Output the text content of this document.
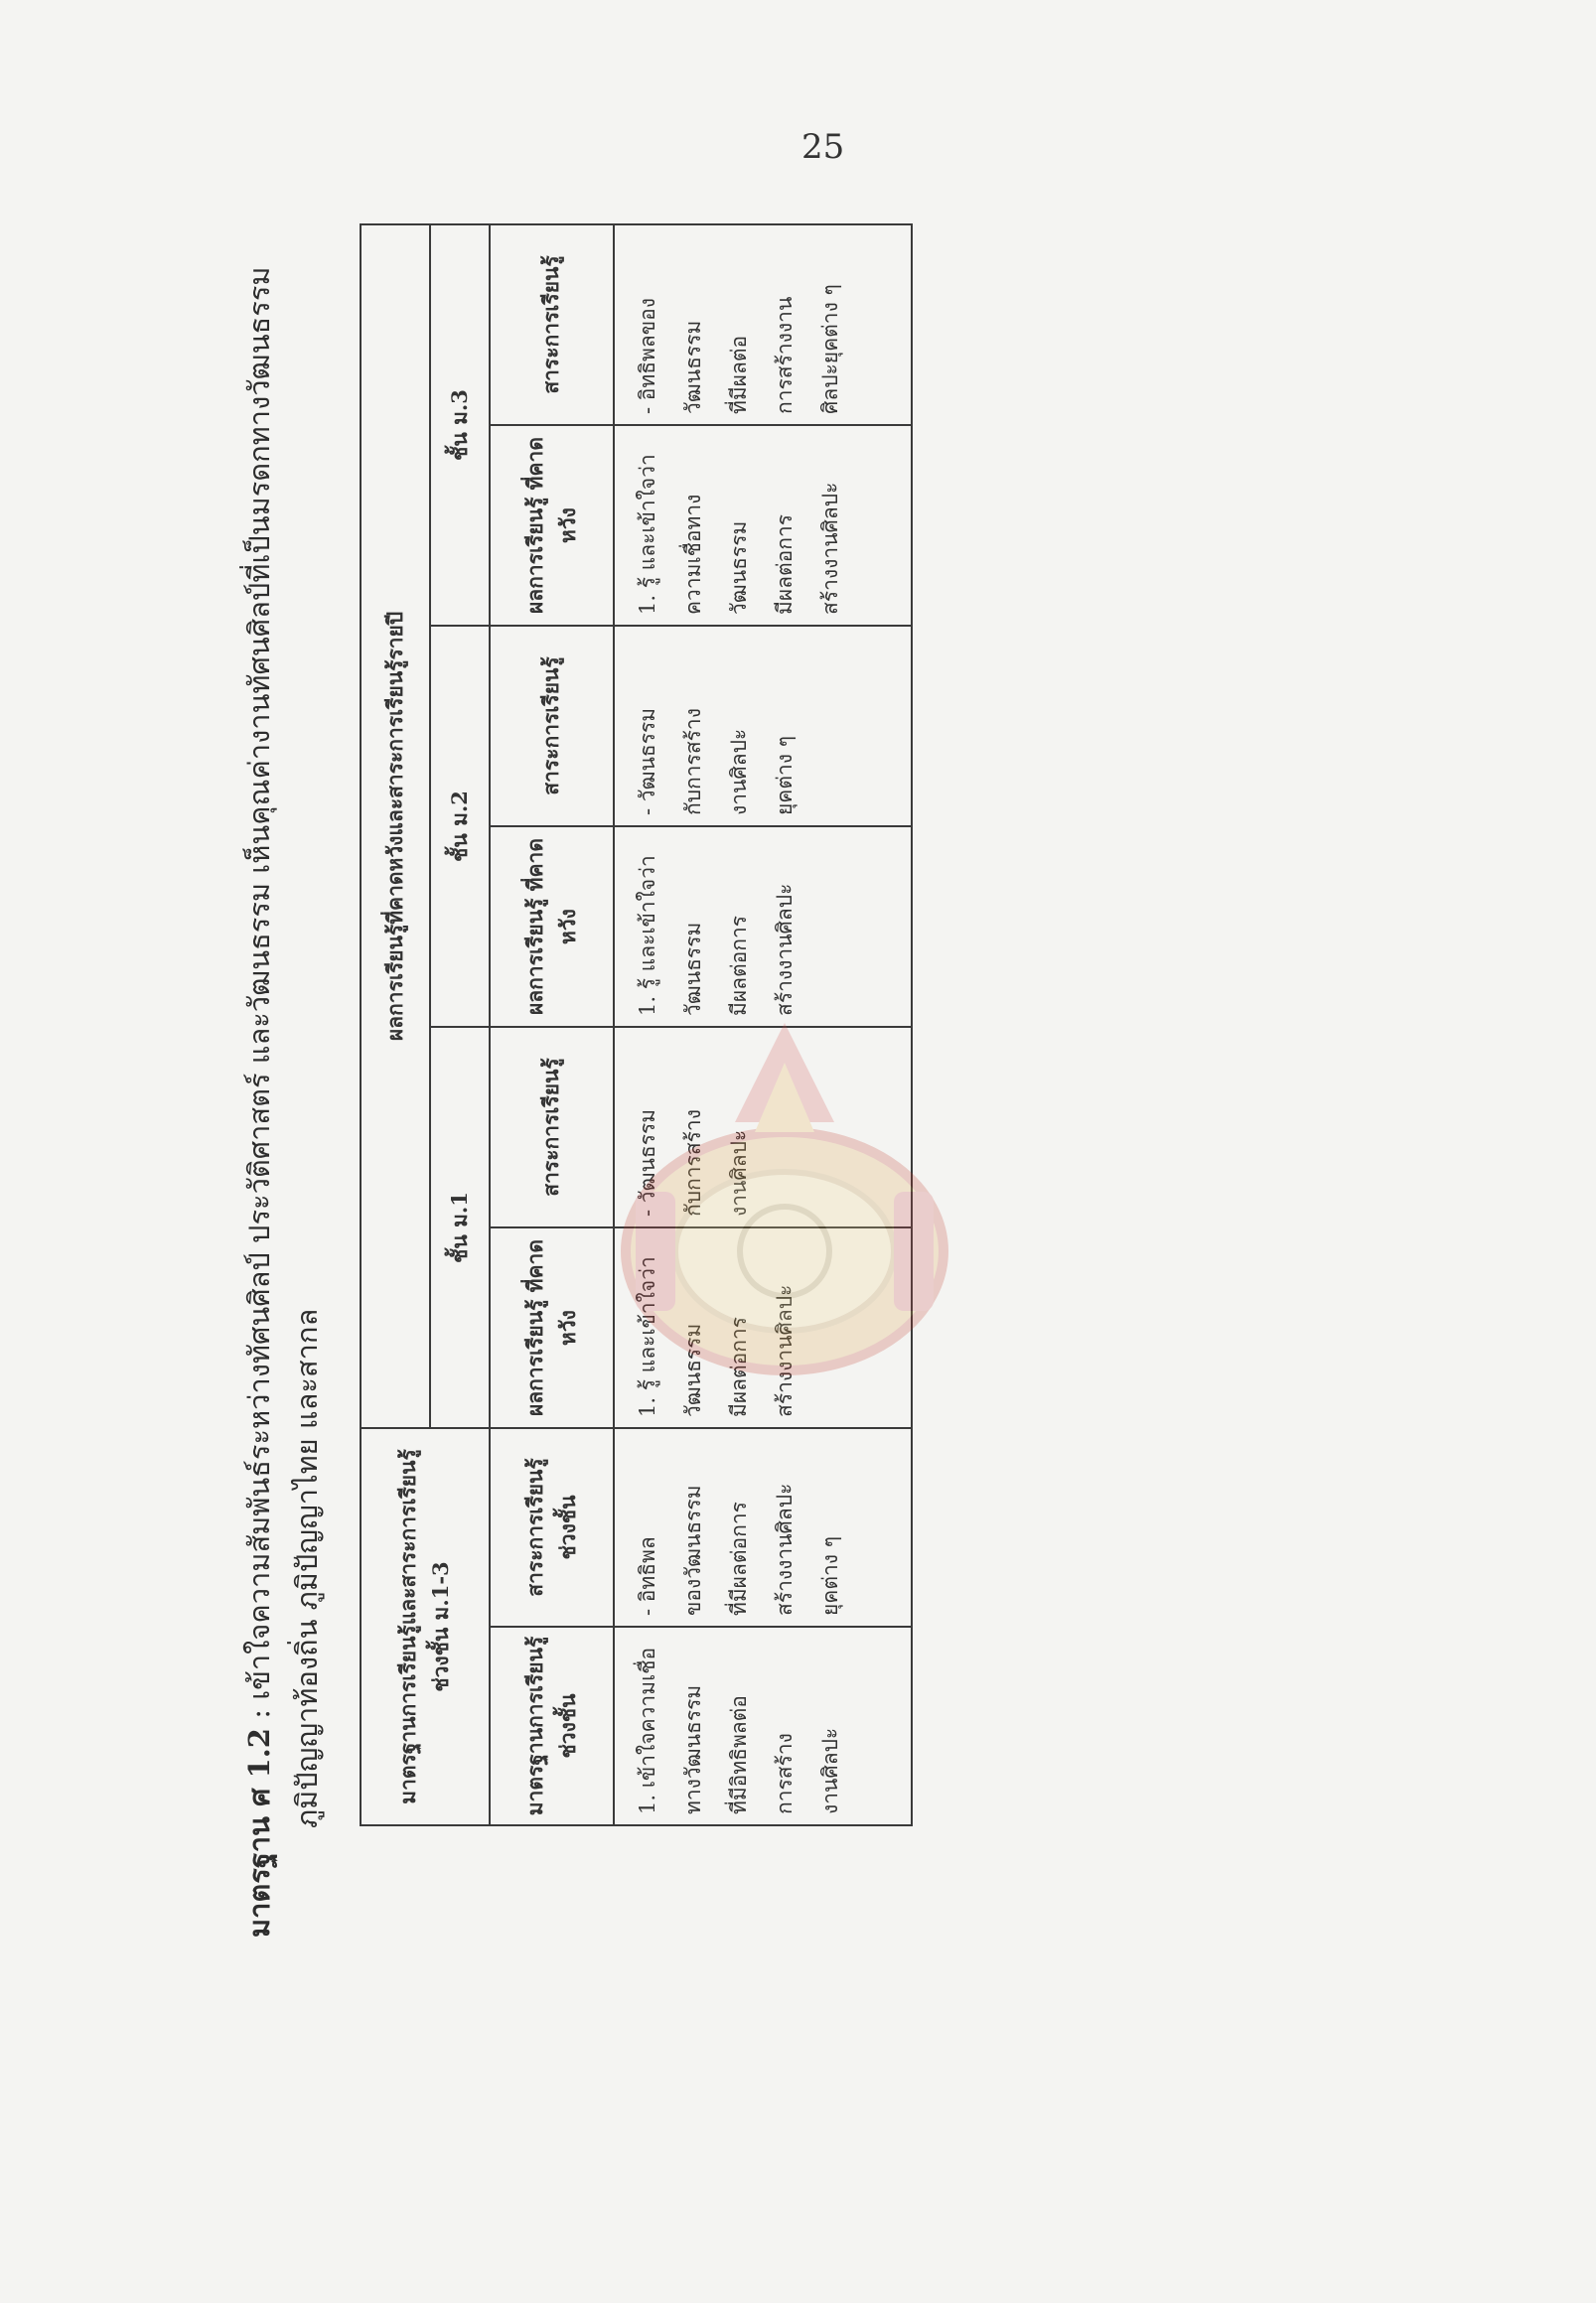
25
มาตรฐาน ศ 1.2 : เข้าใจความสัมพันธ์ระหว่างทัศนศิลป์ ประวัติศาสตร์ และวัฒนธรรม เห็นคุณค่างานทัศนศิลป์ที่เป็นมรดกทางวัฒนธรรม ภูมิปัญญาท้องถิ่น ภูมิปัญญาไทย และสากล	มาตรฐานการเรียนรู้และสาระการเรียนรู้ ช่วงชั้น ม.1-3		ผลการเรียนรู้ที่คาดหวังและสาระการเรียนรู้รายปี					
		ชั้น ม.1		ชั้น ม.2		ชั้น ม.3	
มาตรฐานการเรียนรู้ ช่วงชั้น	สาระการเรียนรู้ ช่วงชั้น	ผลการเรียนรู้ ที่คาดหวัง	สาระการเรียนรู้	ผลการเรียนรู้ ที่คาดหวัง	สาระการเรียนรู้	ผลการเรียนรู้ ที่คาดหวัง	สาระการเรียนรู้
1. เข้าใจความเชื่อ
ทางวัฒนธรรม
ที่มีอิทธิพลต่อ
การสร้าง
งานศิลปะ	- อิทธิพล
ของวัฒนธรรม
ที่มีผลต่อการ
สร้างงานศิลปะ
ยุคต่าง ๆ	1. รู้ และเข้าใจว่า
วัฒนธรรม
มีผลต่อการ
สร้างงานศิลปะ	- วัฒนธรรม
กับการสร้าง
งานศิลปะ	1. รู้ และเข้าใจว่า
วัฒนธรรม
มีผลต่อการ
สร้างงานศิลปะ	- วัฒนธรรม
กับการสร้าง
งานศิลปะ
ยุคต่าง ๆ	1. รู้ และเข้าใจว่า
ความเชื่อทาง
วัฒนธรรม
มีผลต่อการ
สร้างงานศิลปะ	- อิทธิพลของ
วัฒนธรรม
ที่มีผลต่อ
การสร้างงาน
ศิลปะยุคต่าง ๆ
